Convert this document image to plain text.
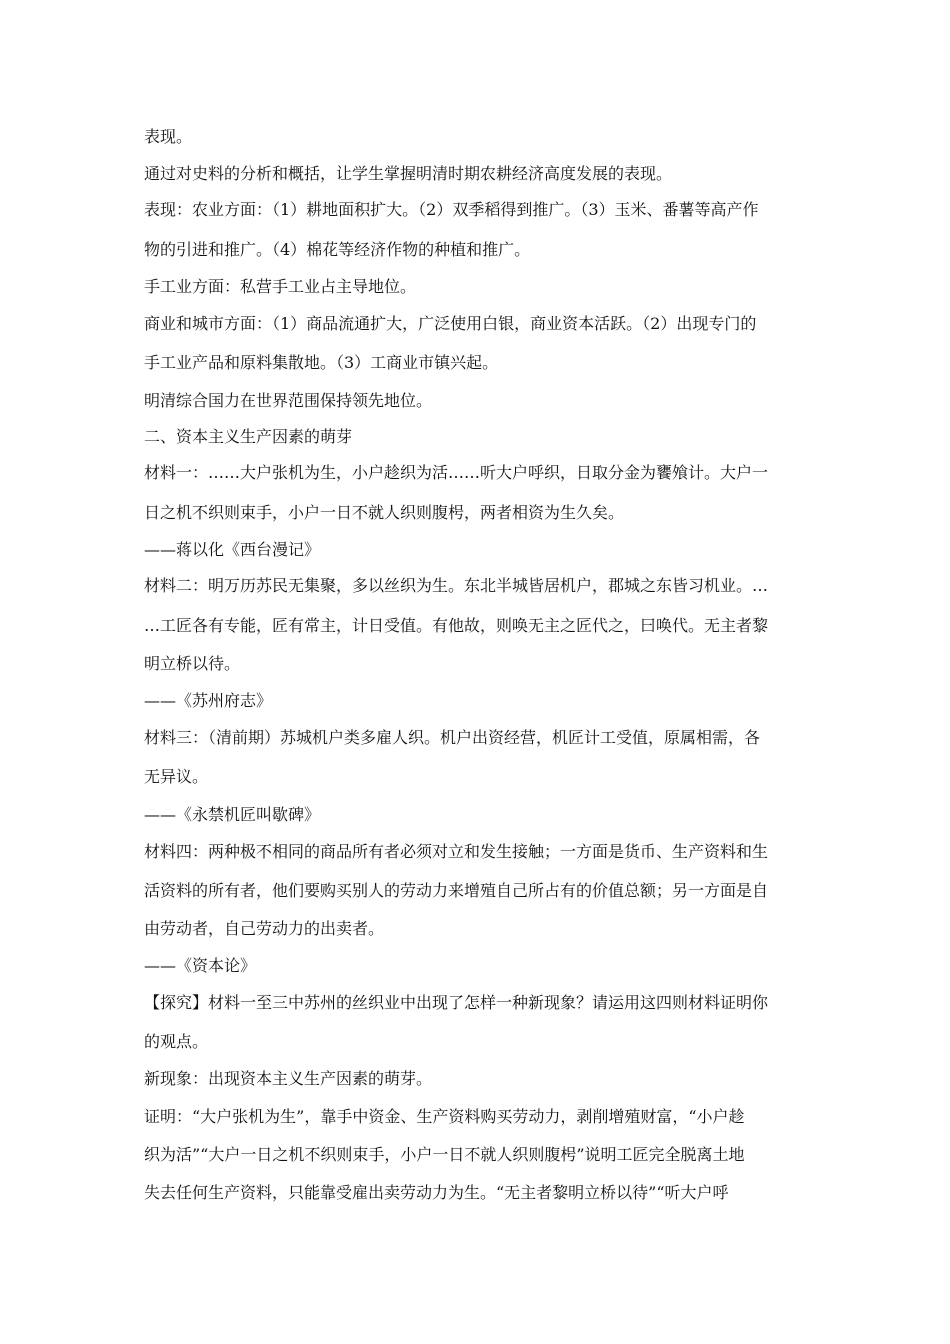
表现。
通过对史料的分析和概括，让学生掌握明清时期农耕经济高度发展的表现。
表现：农业方面：（1）耕地面积扩大。（2）双季稻得到推广。（3）玉米、番薯等高产作
物的引进和推广。（4）棉花等经济作物的种植和推广。
手工业方面：私营手工业占主导地位。
商业和城市方面：（1）商品流通扩大，广泛使用白银，商业资本活跃。（2）出现专门的
手工业产品和原料集散地。（3）工商业市镇兴起。
明清综合国力在世界范围保持领先地位。
二、资本主义生产因素的萌芽
材料一：……大户张机为生，小户趁织为活……听大户呼织，日取分金为饔飧计。大户一
日之机不织则束手，小户一日不就人织则腹枵，两者相资为生久矣。
——蒋以化《西台漫记》
材料二：明万历苏民无集聚，多以丝织为生。东北半城皆居机户，郡城之东皆习机业。…
…工匠各有专能，匠有常主，计日受值。有他故，则唤无主之匠代之，曰唤代。无主者黎
明立桥以待。
——《苏州府志》
材料三：（清前期）苏城机户类多雇人织。机户出资经营，机匠计工受值，原属相需，各
无异议。
——《永禁机匠叫歇碑》
材料四：两种极不相同的商品所有者必须对立和发生接触；一方面是货币、生产资料和生
活资料的所有者，他们要购买别人的劳动力来增殖自己所占有的价值总额；另一方面是自
由劳动者，自己劳动力的出卖者。
——《资本论》
【探究】材料一至三中苏州的丝织业中出现了怎样一种新现象？请运用这四则材料证明你
的观点。
新现象：出现资本主义生产因素的萌芽。
证明：“大户张机为生”，靠手中资金、生产资料购买劳动力，剥削增殖财富，“小户趁
织为活”“大户一日之机不织则束手，小户一日不就人织则腹枵”说明工匠完全脱离土地
失去任何生产资料，只能靠受雇出卖劳动力为生。“无主者黎明立桥以待”“听大户呼
